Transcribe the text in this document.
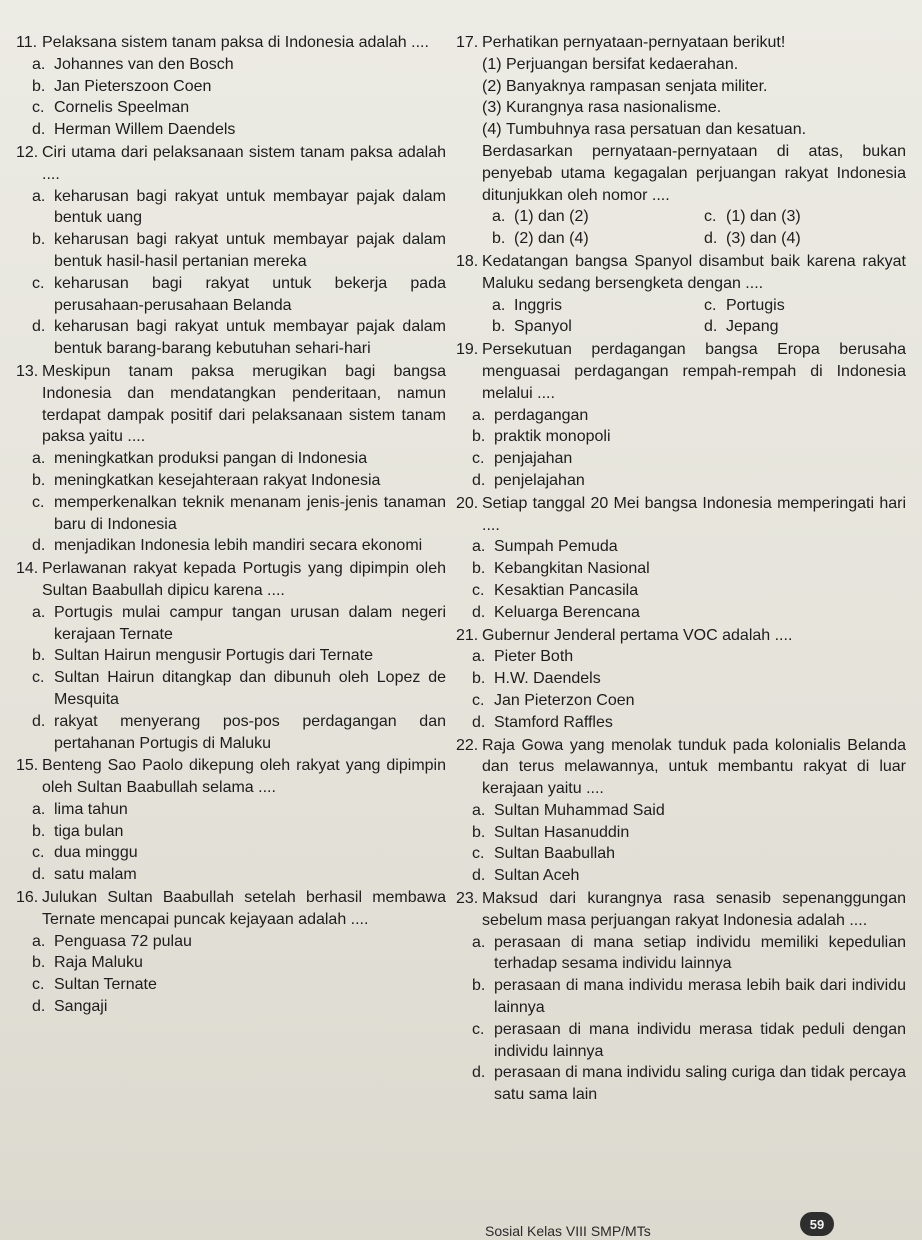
11. Pelaksana sistem tanam paksa di Indonesia adalah ....
a. Johannes van den Bosch
b. Jan Pieterszoon Coen
c. Cornelis Speelman
d. Herman Willem Daendels
12. Ciri utama dari pelaksanaan sistem tanam paksa adalah ....
a. keharusan bagi rakyat untuk membayar pajak dalam bentuk uang
b. keharusan bagi rakyat untuk membayar pajak dalam bentuk hasil-hasil pertanian mereka
c. keharusan bagi rakyat untuk bekerja pada perusahaan-perusahaan Belanda
d. keharusan bagi rakyat untuk membayar pajak dalam bentuk barang-barang kebutuhan sehari-hari
13. Meskipun tanam paksa merugikan bagi bangsa Indonesia dan mendatangkan penderitaan, namun terdapat dampak positif dari pelaksanaan sistem tanam paksa yaitu ....
a. meningkatkan produksi pangan di Indonesia
b. meningkatkan kesejahteraan rakyat Indonesia
c. memperkenalkan teknik menanam jenis-jenis tanaman baru di Indonesia
d. menjadikan Indonesia lebih mandiri secara ekonomi
14. Perlawanan rakyat kepada Portugis yang dipimpin oleh Sultan Baabullah dipicu karena ....
a. Portugis mulai campur tangan urusan dalam negeri kerajaan Ternate
b. Sultan Hairun mengusir Portugis dari Ternate
c. Sultan Hairun ditangkap dan dibunuh oleh Lopez de Mesquita
d. rakyat menyerang pos-pos perdagangan dan pertahanan Portugis di Maluku
15. Benteng Sao Paolo dikepung oleh rakyat yang dipimpin oleh Sultan Baabullah selama ....
a. lima tahun
b. tiga bulan
c. dua minggu
d. satu malam
16. Julukan Sultan Baabullah setelah berhasil membawa Ternate mencapai puncak kejayaan adalah ....
a. Penguasa 72 pulau
b. Raja Maluku
c. Sultan Ternate
d. Sangaji
17. Perhatikan pernyataan-pernyataan berikut!
(1) Perjuangan bersifat kedaerahan.
(2) Banyaknya rampasan senjata militer.
(3) Kurangnya rasa nasionalisme.
(4) Tumbuhnya rasa persatuan dan kesatuan.
Berdasarkan pernyataan-pernyataan di atas, bukan penyebab utama kegagalan perjuangan rakyat Indonesia ditunjukkan oleh nomor ....
a. (1) dan (2)	c. (1) dan (3)
b. (2) dan (4)	d. (3) dan (4)
18. Kedatangan bangsa Spanyol disambut baik karena rakyat Maluku sedang bersengketa dengan ....
a. Inggris	c. Portugis
b. Spanyol	d. Jepang
19. Persekutuan perdagangan bangsa Eropa berusaha menguasai perdagangan rempah-rempah di Indonesia melalui ....
a. perdagangan
b. praktik monopoli
c. penjajahan
d. penjelajahan
20. Setiap tanggal 20 Mei bangsa Indonesia memperingati hari ....
a. Sumpah Pemuda
b. Kebangkitan Nasional
c. Kesaktian Pancasila
d. Keluarga Berencana
21. Gubernur Jenderal pertama VOC adalah ....
a. Pieter Both
b. H.W. Daendels
c. Jan Pieterzon Coen
d. Stamford Raffles
22. Raja Gowa yang menolak tunduk pada kolonialis Belanda dan terus melawannya, untuk membantu rakyat di luar kerajaan yaitu ....
a. Sultan Muhammad Said
b. Sultan Hasanuddin
c. Sultan Baabullah
d. Sultan Aceh
23. Maksud dari kurangnya rasa senasib sepenanggungan sebelum masa perjuangan rakyat Indonesia adalah ....
a. perasaan di mana setiap individu memiliki kepedulian terhadap sesama individu lainnya
b. perasaan di mana individu merasa lebih baik dari individu lainnya
c. perasaan di mana individu merasa tidak peduli dengan individu lainnya
d. perasaan di mana individu saling curiga dan tidak percaya satu sama lain
Sosial Kelas VIII SMP/MTs	59
